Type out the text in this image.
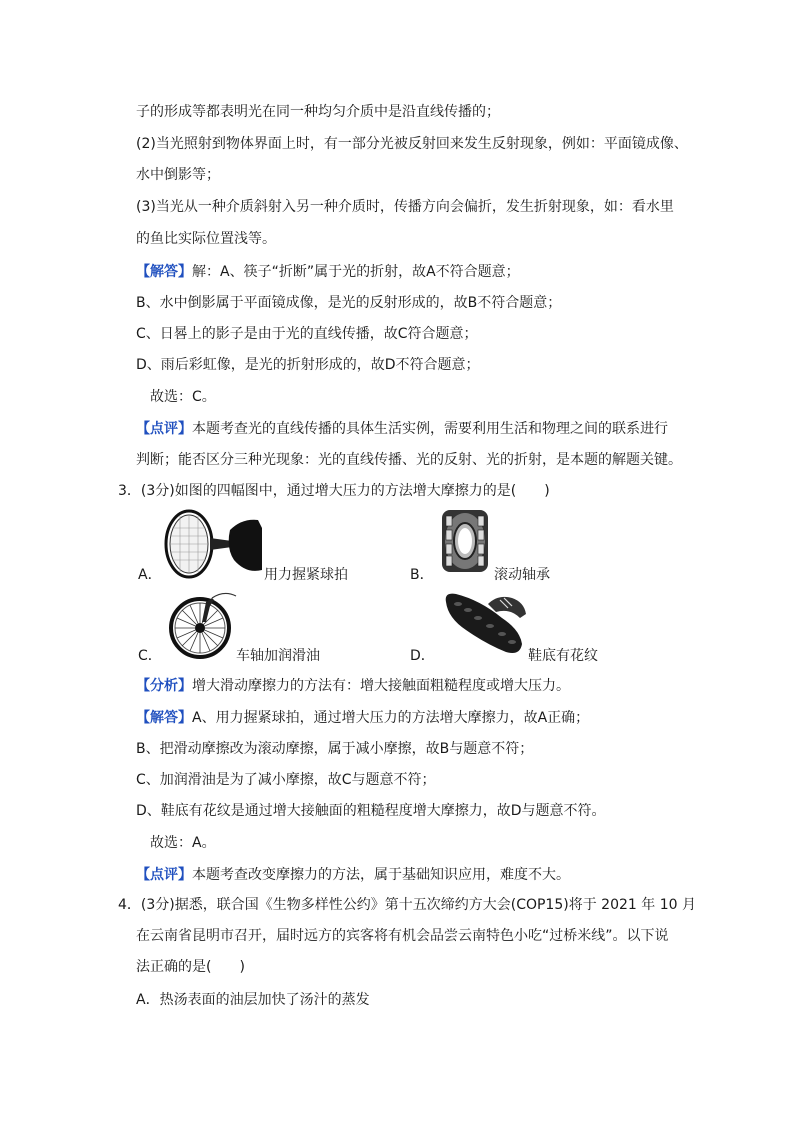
子的形成等都表明光在同一种均匀介质中是沿直线传播的；
(2)当光照射到物体界面上时，有一部分光被反射回来发生反射现象，例如：平面镜成像、
水中倒影等；
(3)当光从一种介质斜射入另一种介质时，传播方向会偏折，发生折射现象，如：看水里
的鱼比实际位置浅等。
【解答】解：A、筷子“折断”属于光的折射，故A不符合题意；
B、水中倒影属于平面镜成像，是光的反射形成的，故B不符合题意；
C、日晷上的影子是由于光的直线传播，故C符合题意；
D、雨后彩虹像，是光的折射形成的，故D不符合题意；
故选：C。
【点评】本题考查光的直线传播的具体生活实例，需要利用生活和物理之间的联系进行
判断；能否区分三种光现象：光的直线传播、光的反射、光的折射，是本题的解题关键。
3．(3分)如图的四幅图中，通过增大压力的方法增大摩擦力的是(　　)
A．	用力握紧球拍	B．	滚动轴承
C．	车轴加润滑油	D．	鞋底有花纹
【分析】增大滑动摩擦力的方法有：增大接触面粗糙程度或增大压力。
【解答】A、用力握紧球拍，通过增大压力的方法增大摩擦力，故A正确；
B、把滑动摩擦改为滚动摩擦，属于减小摩擦，故B与题意不符；
C、加润滑油是为了减小摩擦，故C与题意不符；
D、鞋底有花纹是通过增大接触面的粗糙程度增大摩擦力，故D与题意不符。
故选：A。
【点评】本题考查改变摩擦力的方法，属于基础知识应用，难度不大。
4．(3分)据悉，联合国《生物多样性公约》第十五次缔约方大会(COP15)将于 2021 年 10 月
在云南省昆明市召开，届时远方的宾客将有机会品尝云南特色小吃“过桥米线”。以下说
法正确的是(　　)
A．热汤表面的油层加快了汤汁的蒸发
